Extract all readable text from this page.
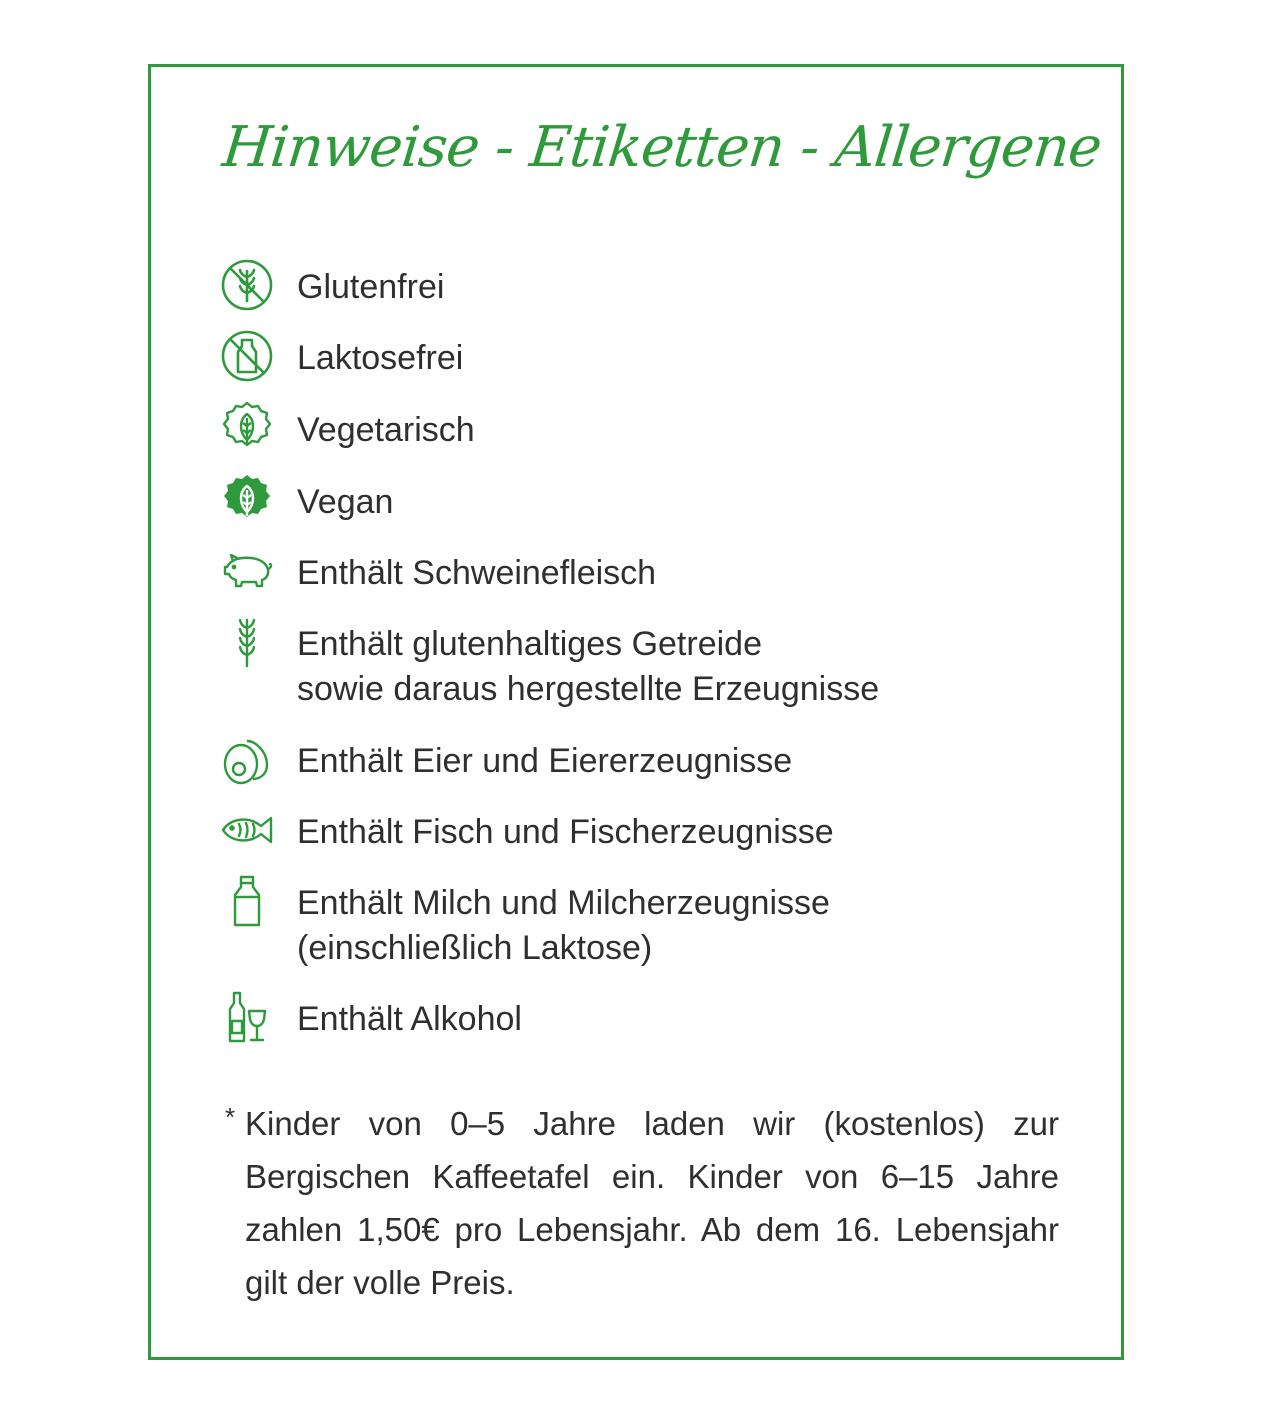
Hinweise - Etiketten - Allergene
Glutenfrei
Laktosefrei
Vegetarisch
Vegan
Enthält Schweinefleisch
Enthält glutenhaltiges Getreide
sowie daraus hergestellte Erzeugnisse
Enthält Eier und Eiererzeugnisse
Enthält Fisch und Fischerzeugnisse
Enthält Milch und Milcherzeugnisse
(einschließlich Laktose)
Enthält Alkohol
* Kinder von 0–5 Jahre laden wir (kostenlos) zur Bergischen Kaffeetafel ein. Kinder von 6–15 Jahre zahlen 1,50€ pro Lebensjahr. Ab dem 16. Lebensjahr gilt der volle Preis.
